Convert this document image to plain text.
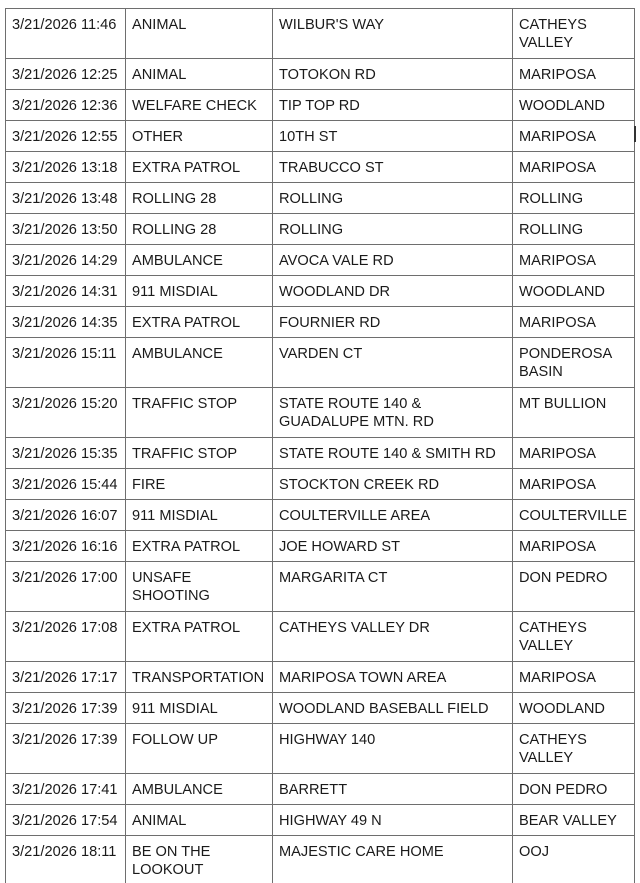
3/21/2026 11:46	ANIMAL	WILBUR'S WAY	CATHEYS VALLEY
3/21/2026 12:25	ANIMAL	TOTOKON RD	MARIPOSA
3/21/2026 12:36	WELFARE CHECK	TIP TOP RD	WOODLAND
3/21/2026 12:55	OTHER	10TH ST	MARIPOSA
3/21/2026 13:18	EXTRA PATROL	TRABUCCO ST	MARIPOSA
3/21/2026 13:48	ROLLING 28	ROLLING	ROLLING
3/21/2026 13:50	ROLLING 28	ROLLING	ROLLING
3/21/2026 14:29	AMBULANCE	AVOCA VALE RD	MARIPOSA
3/21/2026 14:31	911 MISDIAL	WOODLAND DR	WOODLAND
3/21/2026 14:35	EXTRA PATROL	FOURNIER RD	MARIPOSA
3/21/2026 15:11	AMBULANCE	VARDEN CT	PONDEROSA BASIN
3/21/2026 15:20	TRAFFIC STOP	STATE ROUTE 140 & GUADALUPE MTN. RD	MT BULLION
3/21/2026 15:35	TRAFFIC STOP	STATE ROUTE 140 & SMITH RD	MARIPOSA
3/21/2026 15:44	FIRE	STOCKTON CREEK RD	MARIPOSA
3/21/2026 16:07	911 MISDIAL	COULTERVILLE AREA	COULTERVILLE
3/21/2026 16:16	EXTRA PATROL	JOE HOWARD ST	MARIPOSA
3/21/2026 17:00	UNSAFE SHOOTING	MARGARITA CT	DON PEDRO
3/21/2026 17:08	EXTRA PATROL	CATHEYS VALLEY DR	CATHEYS VALLEY
3/21/2026 17:17	TRANSPORTATION	MARIPOSA TOWN AREA	MARIPOSA
3/21/2026 17:39	911 MISDIAL	WOODLAND BASEBALL FIELD	WOODLAND
3/21/2026 17:39	FOLLOW UP	HIGHWAY 140	CATHEYS VALLEY
3/21/2026 17:41	AMBULANCE	BARRETT	DON PEDRO
3/21/2026 17:54	ANIMAL	HIGHWAY 49 N	BEAR VALLEY
3/21/2026 18:11	BE ON THE LOOKOUT	MAJESTIC CARE HOME	OOJ
